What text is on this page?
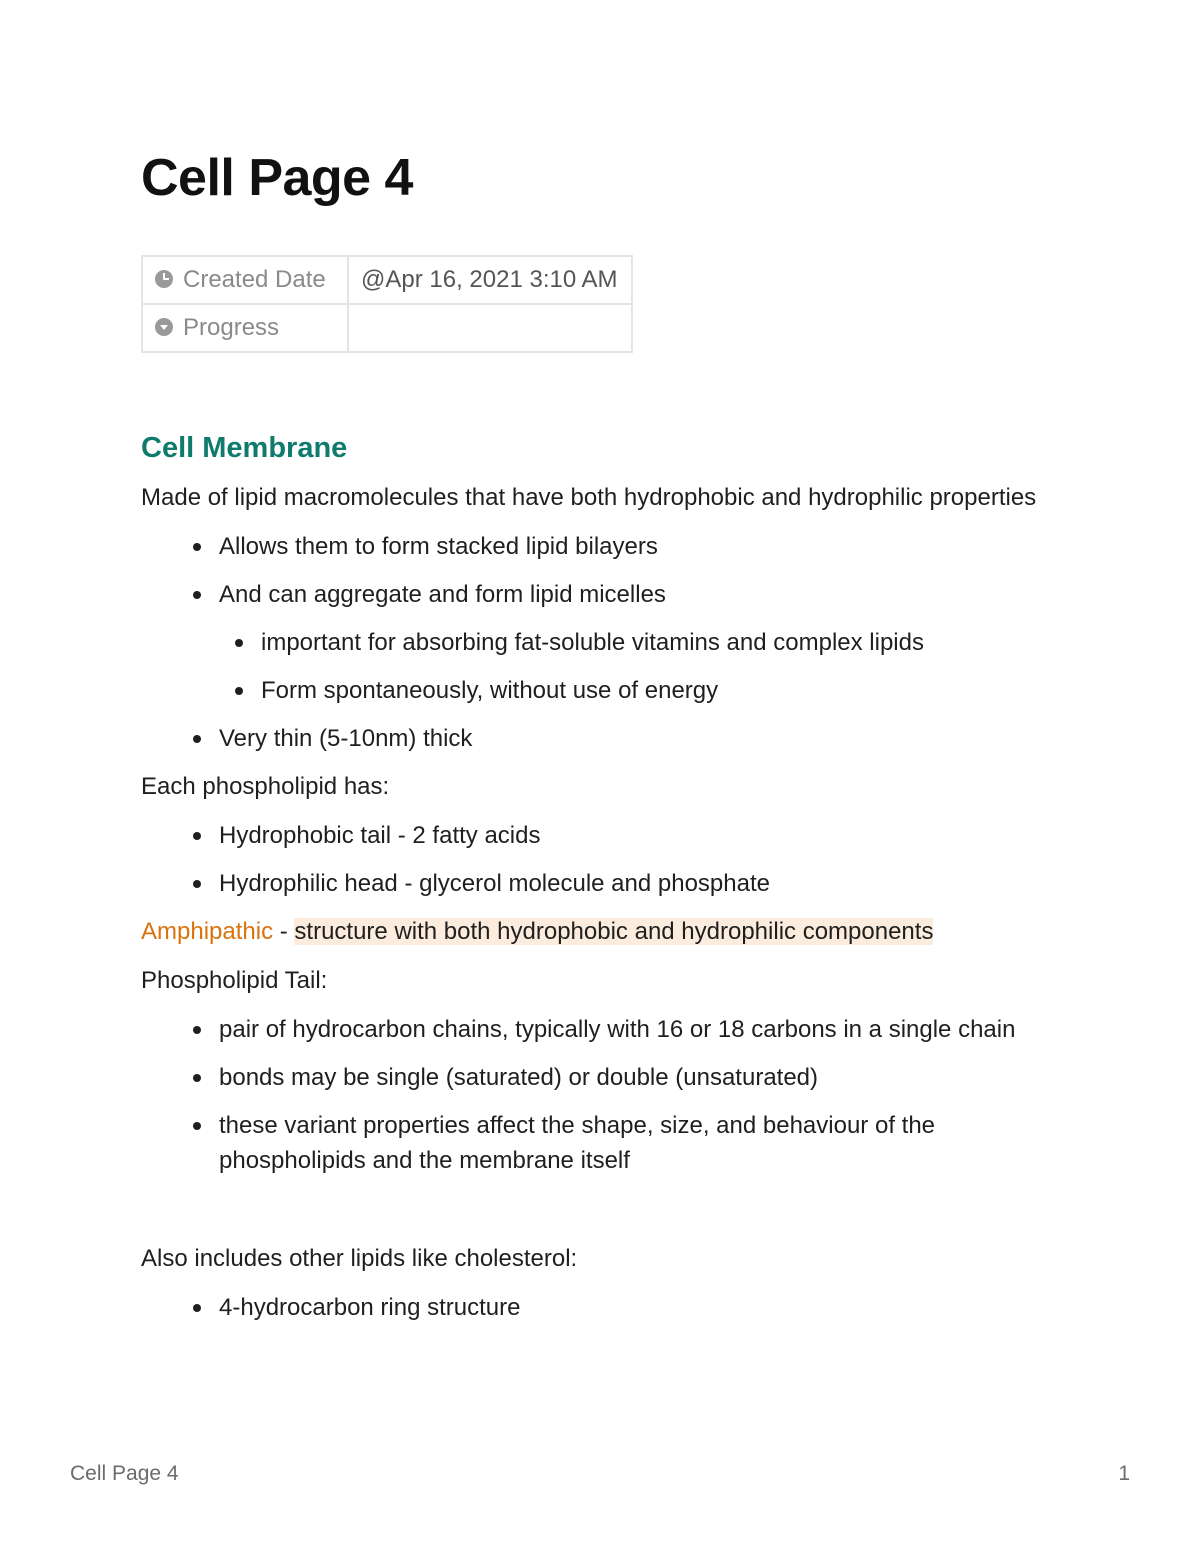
Cell Page 4
Created Date	@Apr 16, 2021 3:10 AM
Progress	
Cell Membrane

Made of lipid macromolecules that have both hydrophobic and hydrophilic properties

Allows them to form stacked lipid bilayers
And can aggregate and form lipid micelles
important for absorbing fat-soluble vitamins and complex lipids
Form spontaneously, without use of energy
Very thin (5-10nm) thick

Each phospholipid has:

Hydrophobic tail - 2 fatty acids
Hydrophilic head - glycerol molecule and phosphate

Amphipathic - structure with both hydrophobic and hydrophilic components

Phospholipid Tail:

pair of hydrocarbon chains, typically with 16 or 18 carbons in a single chain
bonds may be single (saturated) or double (unsaturated)
these variant properties affect the shape, size, and behaviour of the phospholipids and the membrane itself

Also includes other lipids like cholesterol:

4-hydrocarbon ring structure
Cell Page 4	1
